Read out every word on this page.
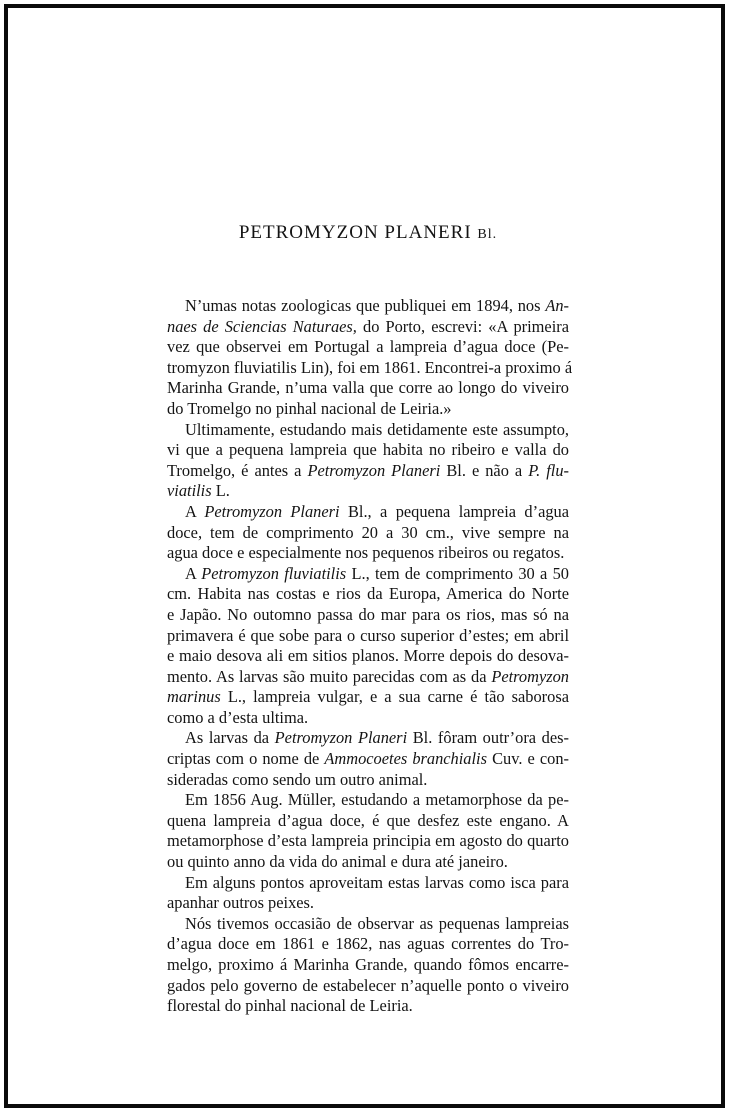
PETROMYZON PLANERI Bl.

N’umas notas zoologicas que publiquei em 1894, nos An-
naes de Sciencias Naturaes, do Porto, escrevi: «A primeira
vez que observei em Portugal a lampreia d’agua doce (Pe-
tromyzon fluviatilis Lin), foi em 1861. Encontrei-a proximo á
Marinha Grande, n’uma valla que corre ao longo do viveiro
do Tromelgo no pinhal nacional de Leiria.»

Ultimamente, estudando mais detidamente este assumpto,
vi que a pequena lampreia que habita no ribeiro e valla do
Tromelgo, é antes a Petromyzon Planeri Bl. e não a P. flu-
viatilis L.

A Petromyzon Planeri Bl., a pequena lampreia d’agua
doce, tem de comprimento 20 a 30 cm., vive sempre na
agua doce e especialmente nos pequenos ribeiros ou regatos.

A Petromyzon fluviatilis L., tem de comprimento 30 a 50
cm. Habita nas costas e rios da Europa, America do Norte
e Japão. No outomno passa do mar para os rios, mas só na
primavera é que sobe para o curso superior d’estes; em abril
e maio desova ali em sitios planos. Morre depois do desova-
mento. As larvas são muito parecidas com as da Petromyzon
marinus L., lampreia vulgar, e a sua carne é tão saborosa
como a d’esta ultima.

As larvas da Petromyzon Planeri Bl. fôram outr’ora des-
criptas com o nome de Ammocoetes branchialis Cuv. e con-
sideradas como sendo um outro animal.

Em 1856 Aug. Müller, estudando a metamorphose da pe-
quena lampreia d’agua doce, é que desfez este engano. A
metamorphose d’esta lampreia principia em agosto do quarto
ou quinto anno da vida do animal e dura até janeiro.

Em alguns pontos aproveitam estas larvas como isca para
apanhar outros peixes.

Nós tivemos occasião de observar as pequenas lampreias
d’agua doce em 1861 e 1862, nas aguas correntes do Tro-
melgo, proximo á Marinha Grande, quando fômos encarre-
gados pelo governo de estabelecer n’aquelle ponto o viveiro
florestal do pinhal nacional de Leiria.
